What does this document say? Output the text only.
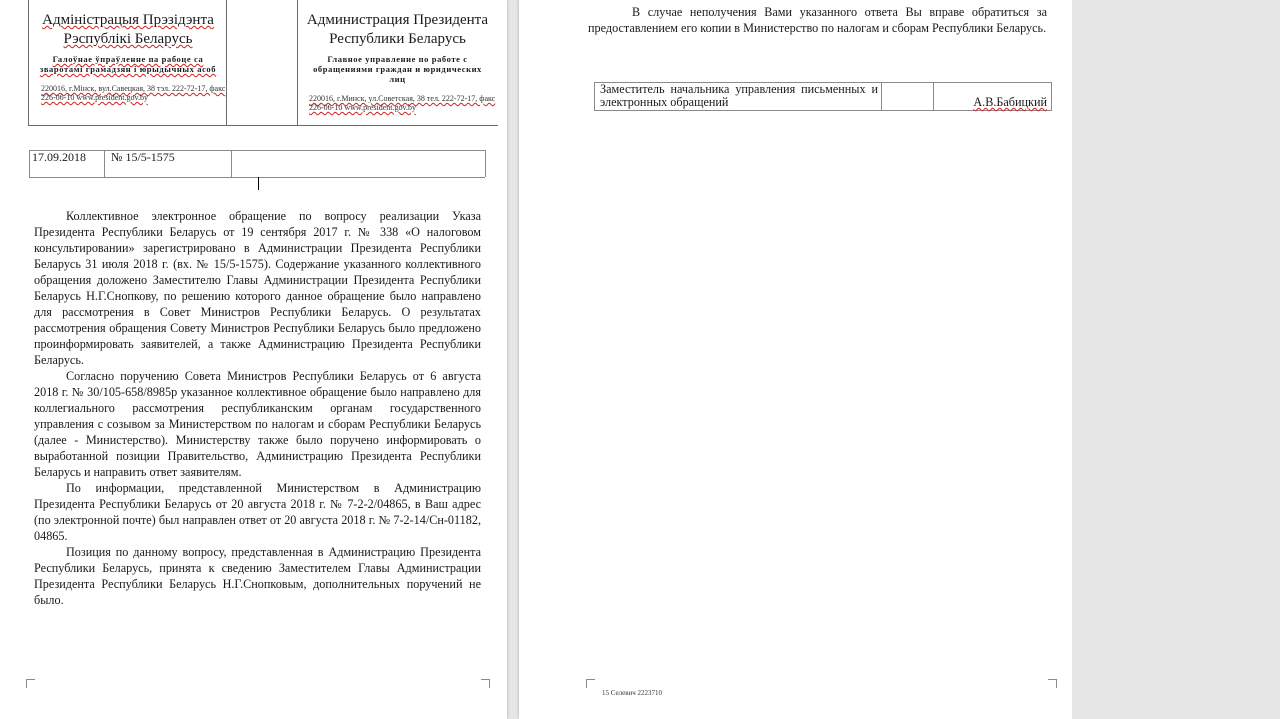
Адміністрацыя Прэзідэнта Рэспублікі Беларусь
Галоўнае ўпраўленне па рабоце са зваротамі грамадзян і юрыдычных асоб
220016, г.Мінск, вул.Савецкая, 38 тэл. 222-72-17, факс 226-06-10 www.president.gov.by
Администрация Президента Республики Беларусь
Главное управление по работе с обращениями граждан и юридических лиц
220016, г.Минск, ул.Советская, 38 тел. 222-72-17, факс 226-06-10 www.president.gov.by
17.09.2018	№ 15/5-1575

Коллективное электронное обращение по вопросу реализации Указа Президента Республики Беларусь от 19 сентября 2017 г. № 338 «О налоговом консультировании» зарегистрировано в Администрации Президента Республики Беларусь 31 июля 2018 г. (вх. № 15/5-1575). Содержание указанного коллективного обращения доложено Заместителю Главы Администрации Президента Республики Беларусь Н.Г.Снопкову, по решению которого данное обращение было направлено для рассмотрения в Совет Министров Республики Беларусь. О результатах рассмотрения обращения Совету Министров Республики Беларусь было предложено проинформировать заявителей, а также Администрацию Президента Республики Беларусь.

Согласно поручению Совета Министров Республики Беларусь от 6 августа 2018 г. № 30/105-658/8985р указанное коллективное обращение было направлено для коллегиального рассмотрения республиканским органам государственного управления с созывом за Министерством по налогам и сборам Республики Беларусь (далее - Министерство). Министерству также было поручено информировать о выработанной позиции Правительство, Администрацию Президента Республики Беларусь и направить ответ заявителям.

По информации, представленной Министерством в Администрацию Президента Республики Беларусь от 20 августа 2018 г. № 7-2-2/04865, в Ваш адрес (по электронной почте) был направлен ответ от 20 августа 2018 г. № 7-2-14/Сн-01182, 04865.

Позиция по данному вопросу, представленная в Администрацию Президента Республики Беларусь, принята к сведению Заместителем Главы Администрации Президента Республики Беларусь Н.Г.Снопковым, дополнительных поручений не было.

В случае неполучения Вами указанного ответа Вы вправе обратиться за предоставлением его копии в Министерство по налогам и сборам Республики Беларусь.

Заместитель начальника управления письменных и электронных обращений	А.В.Бабицкий
15 Селевич 2223710
